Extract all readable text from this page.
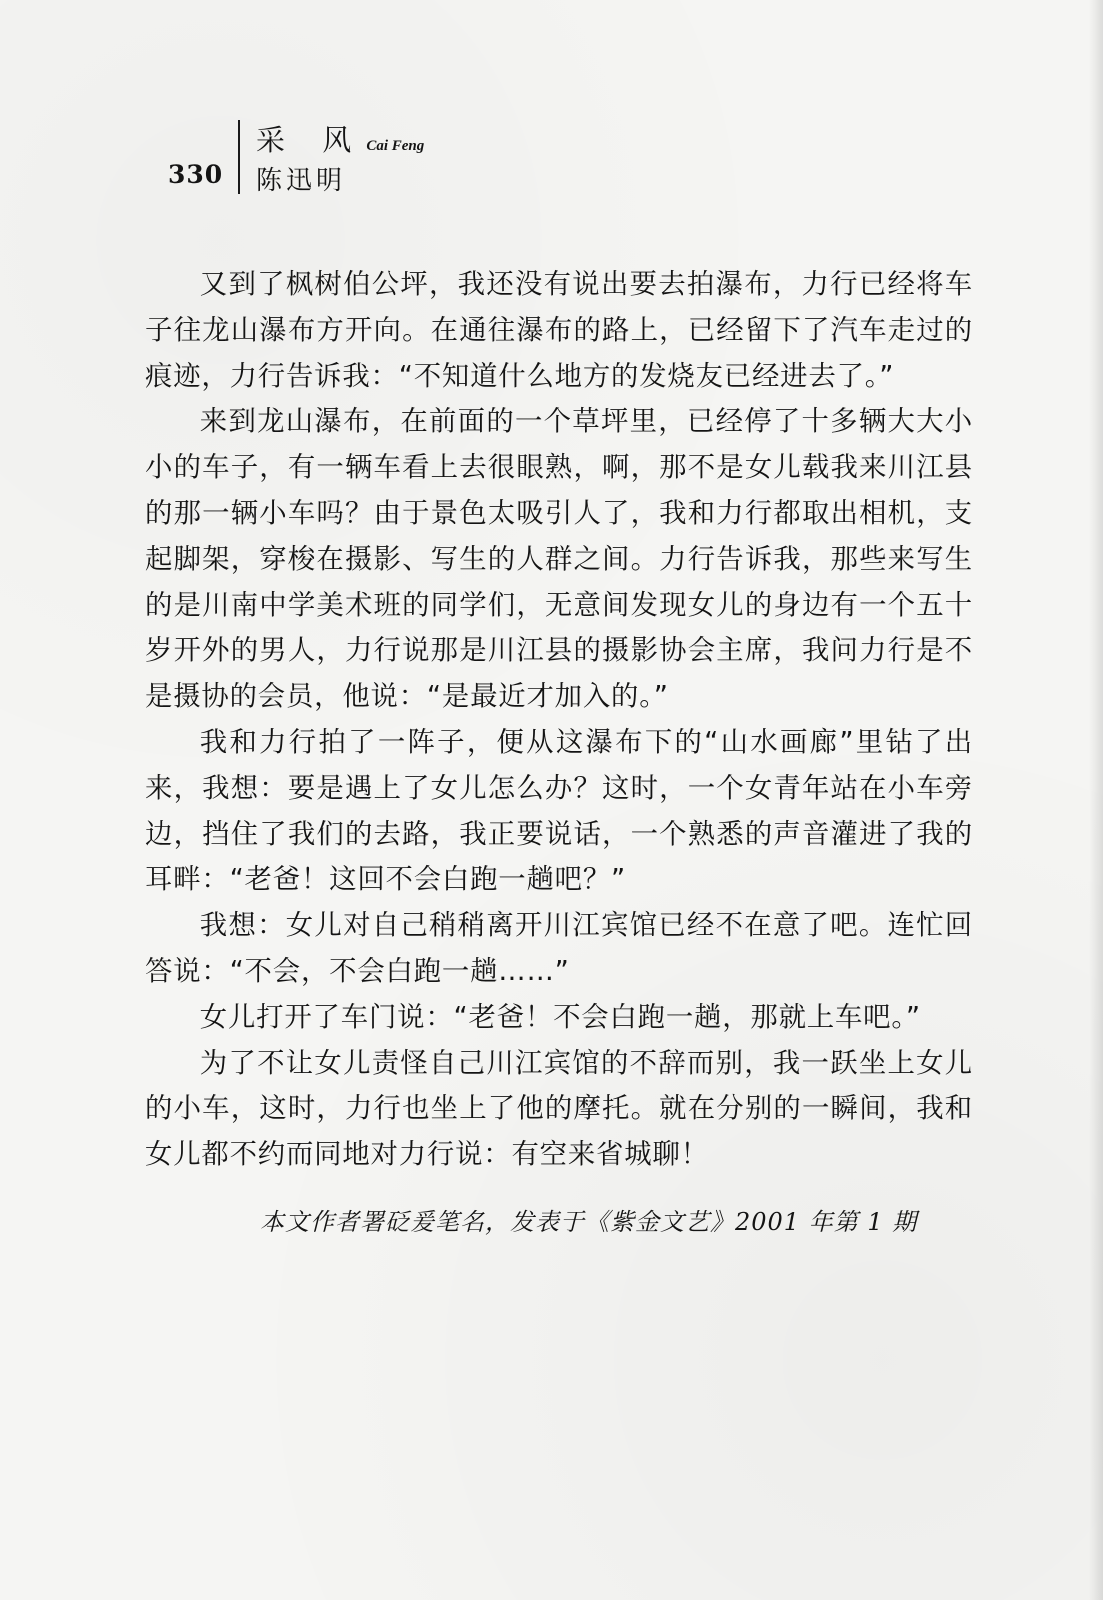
330
采 风 Cai Feng
陈迅明

又到了枫树伯公坪，我还没有说出要去拍瀑布，力行已经将车子往龙山瀑布方开向。在通往瀑布的路上，已经留下了汽车走过的痕迹，力行告诉我：“不知道什么地方的发烧友已经进去了。”

来到龙山瀑布，在前面的一个草坪里，已经停了十多辆大大小小的车子，有一辆车看上去很眼熟，啊，那不是女儿载我来川江县的那一辆小车吗？由于景色太吸引人了，我和力行都取出相机，支起脚架，穿梭在摄影、写生的人群之间。力行告诉我，那些来写生的是川南中学美术班的同学们，无意间发现女儿的身边有一个五十岁开外的男人，力行说那是川江县的摄影协会主席，我问力行是不是摄协的会员，他说：“是最近才加入的。”

我和力行拍了一阵子，便从这瀑布下的“山水画廊”里钻了出来，我想：要是遇上了女儿怎么办？这时，一个女青年站在小车旁边，挡住了我们的去路，我正要说话，一个熟悉的声音灌进了我的耳畔：“老爸！这回不会白跑一趟吧？”

我想：女儿对自己稍稍离开川江宾馆已经不在意了吧。连忙回答说：“不会，不会白跑一趟……”

女儿打开了车门说：“老爸！不会白跑一趟，那就上车吧。”

为了不让女儿责怪自己川江宾馆的不辞而别，我一跃坐上女儿的小车，这时，力行也坐上了他的摩托。就在分别的一瞬间，我和女儿都不约而同地对力行说：有空来省城聊！

本文作者署砭爰笔名，发表于《紫金文艺》2001 年第 1 期
